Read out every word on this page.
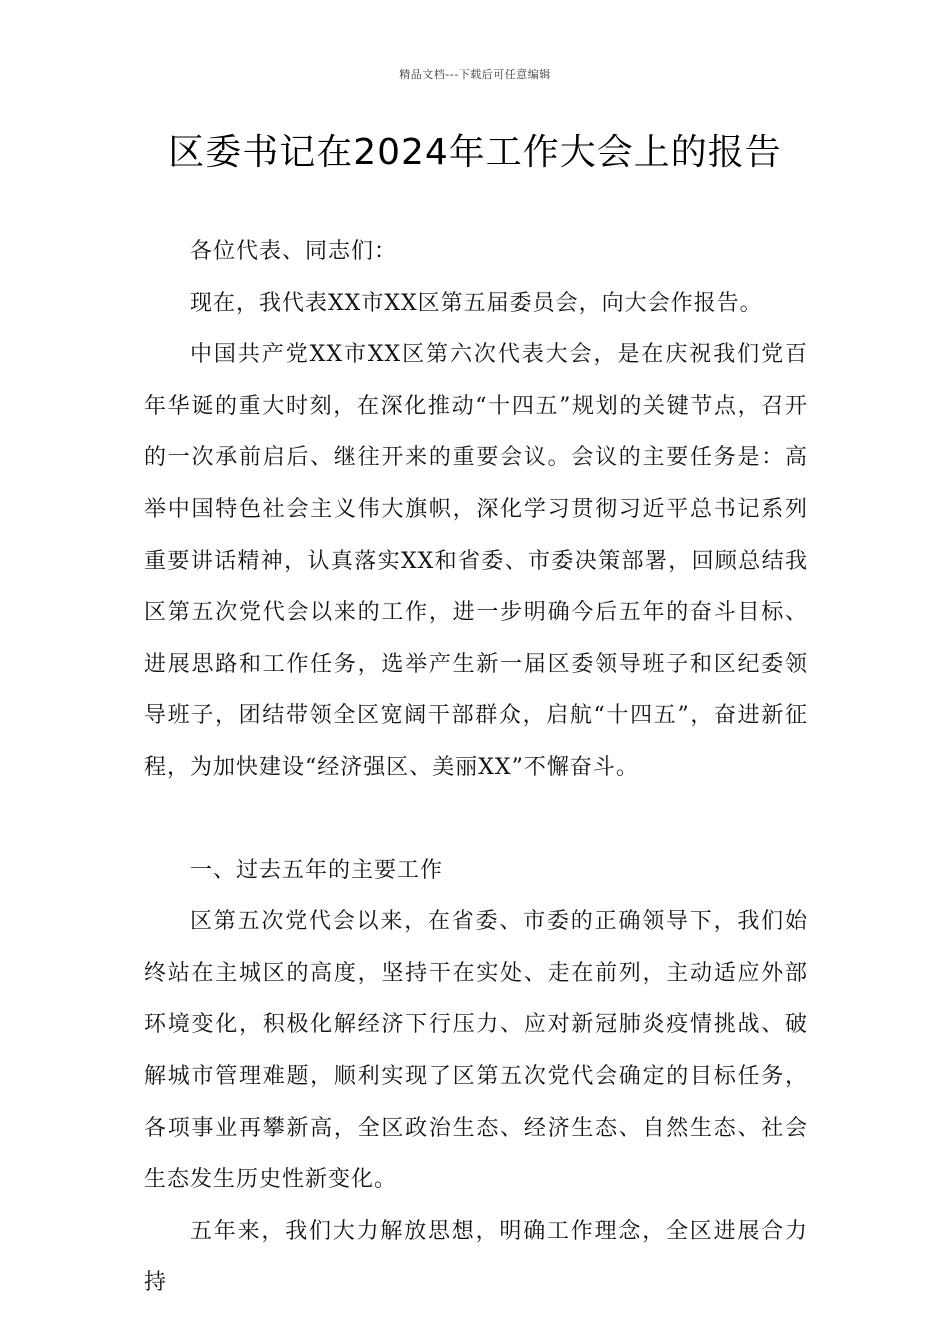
精品文档---下载后可任意编辑
区委书记在2024年工作大会上的报告

各位代表、同志们：

现在，我代表XX市XX区第五届委员会，向大会作报告。

中国共产党XX市XX区第六次代表大会，是在庆祝我们党百年华诞的重大时刻，在深化推动“十四五”规划的关键节点，召开的一次承前启后、继往开来的重要会议。会议的主要任务是：高举中国特色社会主义伟大旗帜，深化学习贯彻习近平总书记系列重要讲话精神，认真落实XX和省委、市委决策部署，回顾总结我区第五次党代会以来的工作，进一步明确今后五年的奋斗目标、进展思路和工作任务，选举产生新一届区委领导班子和区纪委领导班子，团结带领全区宽阔干部群众，启航“十四五”，奋进新征程，为加快建设“经济强区、美丽XX”不懈奋斗。

一、过去五年的主要工作

区第五次党代会以来，在省委、市委的正确领导下，我们始终站在主城区的高度，坚持干在实处、走在前列，主动适应外部环境变化，积极化解经济下行压力、应对新冠肺炎疫情挑战、破解城市管理难题，顺利实现了区第五次党代会确定的目标任务，各项事业再攀新高，全区政治生态、经济生态、自然生态、社会生态发生历史性新变化。

五年来，我们大力解放思想，明确工作理念，全区进展合力持
